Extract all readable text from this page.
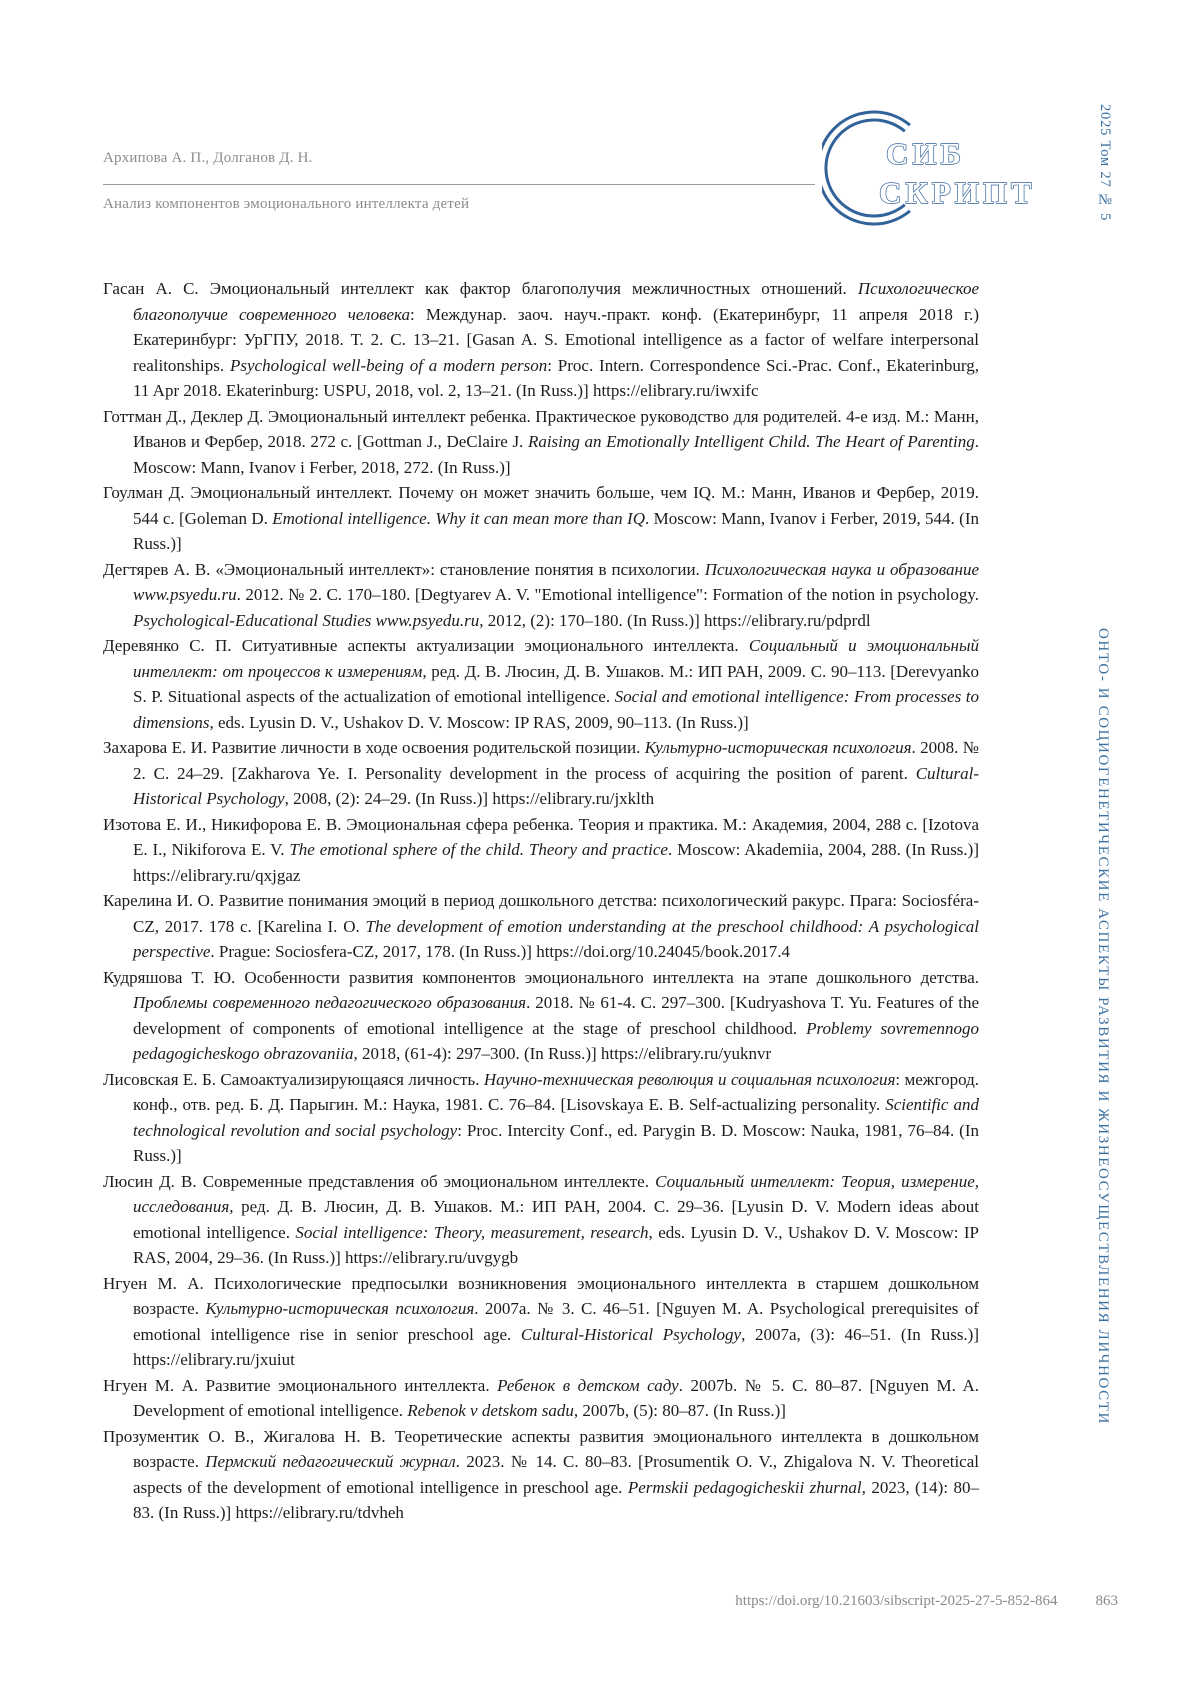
Архипова А. П., Долганов Д. Н.
Анализ компонентов эмоционального интеллекта детей
СИБ
СКРИПТ	2025 Том 27 № 5
ОНТО- И СОЦИОГЕНЕТИЧЕСКИЕ АСПЕКТЫ РАЗВИТИЯ И ЖИЗНЕОСУЩЕСТВЛЕНИЯ ЛИЧНОСТИ

Гасан А. С. Эмоциональный интеллект как фактор благополучия межличностных отношений. Психологическое благополучие современного человека: Междунар. заоч. науч.-практ. конф. (Екатеринбург, 11 апреля 2018 г.) Екатеринбург: УрГПУ, 2018. Т. 2. С. 13–21. [Gasan A. S. Emotional intelligence as a factor of welfare interpersonal realitonships. Psychological well-being of a modern person: Proc. Intern. Correspondence Sci.-Prac. Conf., Ekaterinburg, 11 Apr 2018. Ekaterinburg: USPU, 2018, vol. 2, 13–21. (In Russ.)] https://elibrary.ru/iwxifc

Готтман Д., Деклер Д. Эмоциональный интеллект ребенка. Практическое руководство для родителей. 4-е изд. М.: Манн, Иванов и Фербер, 2018. 272 с. [Gottman J., DeClaire J. Raising an Emotionally Intelligent Child. The Heart of Parenting. Moscow: Mann, Ivanov i Ferber, 2018, 272. (In Russ.)]

Гоулман Д. Эмоциональный интеллект. Почему он может значить больше, чем IQ. М.: Манн, Иванов и Фербер, 2019. 544 с. [Goleman D. Emotional intelligence. Why it can mean more than IQ. Moscow: Mann, Ivanov i Ferber, 2019, 544. (In Russ.)]

Дегтярев А. В. «Эмоциональный интеллект»: становление понятия в психологии. Психологическая наука и образование www.psyedu.ru. 2012. № 2. С. 170–180. [Degtyarev A. V. "Emotional intelligence": Formation of the notion in psychology. Psychological-Educational Studies www.psyedu.ru, 2012, (2): 170–180. (In Russ.)] https://elibrary.ru/pdprdl

Деревянко С. П. Ситуативные аспекты актуализации эмоционального интеллекта. Социальный и эмоциональный интеллект: от процессов к измерениям, ред. Д. В. Люсин, Д. В. Ушаков. М.: ИП РАН, 2009. С. 90–113. [Derevyanko S. P. Situational aspects of the actualization of emotional intelligence. Social and emotional intelligence: From processes to dimensions, eds. Lyusin D. V., Ushakov D. V. Moscow: IP RAS, 2009, 90–113. (In Russ.)]

Захарова Е. И. Развитие личности в ходе освоения родительской позиции. Культурно-историческая психология. 2008. № 2. С. 24–29. [Zakharova Ye. I. Personality development in the process of acquiring the position of parent. Cultural-Historical Psychology, 2008, (2): 24–29. (In Russ.)] https://elibrary.ru/jxklth

Изотова Е. И., Никифорова Е. В. Эмоциональная сфера ребенка. Теория и практика. М.: Академия, 2004, 288 с. [Izotova E. I., Nikiforova E. V. The emotional sphere of the child. Theory and practice. Moscow: Akademiia, 2004, 288. (In Russ.)] https://elibrary.ru/qxjgaz

Карелина И. О. Развитие понимания эмоций в период дошкольного детства: психологический ракурс. Прага: Sociosféra-CZ, 2017. 178 с. [Karelina I. O. The development of emotion understanding at the preschool childhood: A psychological perspective. Prague: Sociosfera-CZ, 2017, 178. (In Russ.)] https://doi.org/10.24045/book.2017.4

Кудряшова Т. Ю. Особенности развития компонентов эмоционального интеллекта на этапе дошкольного детства. Проблемы современного педагогического образования. 2018. № 61-4. С. 297–300. [Kudryashova T. Yu. Features of the development of components of emotional intelligence at the stage of preschool childhood. Problemy sovremennogo pedagogicheskogo obrazovaniia, 2018, (61-4): 297–300. (In Russ.)] https://elibrary.ru/yuknvr

Лисовская Е. Б. Самоактуализирующаяся личность. Научно-техническая революция и социальная психология: межгород. конф., отв. ред. Б. Д. Парыгин. М.: Наука, 1981. С. 76–84. [Lisovskaya E. B. Self-actualizing personality. Scientific and technological revolution and social psychology: Proc. Intercity Conf., ed. Parygin B. D. Moscow: Nauka, 1981, 76–84. (In Russ.)]

Люсин Д. В. Современные представления об эмоциональном интеллекте. Социальный интеллект: Теория, измерение, исследования, ред. Д. В. Люсин, Д. В. Ушаков. М.: ИП РАН, 2004. С. 29–36. [Lyusin D. V. Modern ideas about emotional intelligence. Social intelligence: Theory, measurement, research, eds. Lyusin D. V., Ushakov D. V. Moscow: IP RAS, 2004, 29–36. (In Russ.)] https://elibrary.ru/uvgygb

Нгуен М. А. Психологические предпосылки возникновения эмоционального интеллекта в старшем дошкольном возрасте. Культурно-историческая психология. 2007a. № 3. С. 46–51. [Nguyen M. A. Psychological prerequisites of emotional intelligence rise in senior preschool age. Cultural-Historical Psychology, 2007a, (3): 46–51. (In Russ.)] https://elibrary.ru/jxuiut

Нгуен М. А. Развитие эмоционального интеллекта. Ребенок в детском саду. 2007b. № 5. С. 80–87. [Nguyen M. A. Development of emotional intelligence. Rebenok v detskom sadu, 2007b, (5): 80–87. (In Russ.)]

Прозументик О. В., Жигалова Н. В. Теоретические аспекты развития эмоционального интеллекта в дошкольном возрасте. Пермский педагогический журнал. 2023. № 14. С. 80–83. [Prosumentik O. V., Zhigalova N. V. Theoretical aspects of the development of emotional intelligence in preschool age. Permskii pedagogicheskii zhurnal, 2023, (14): 80–83. (In Russ.)] https://elibrary.ru/tdvheh

https://doi.org/10.21603/sibscript-2025-27-5-852-864	863
